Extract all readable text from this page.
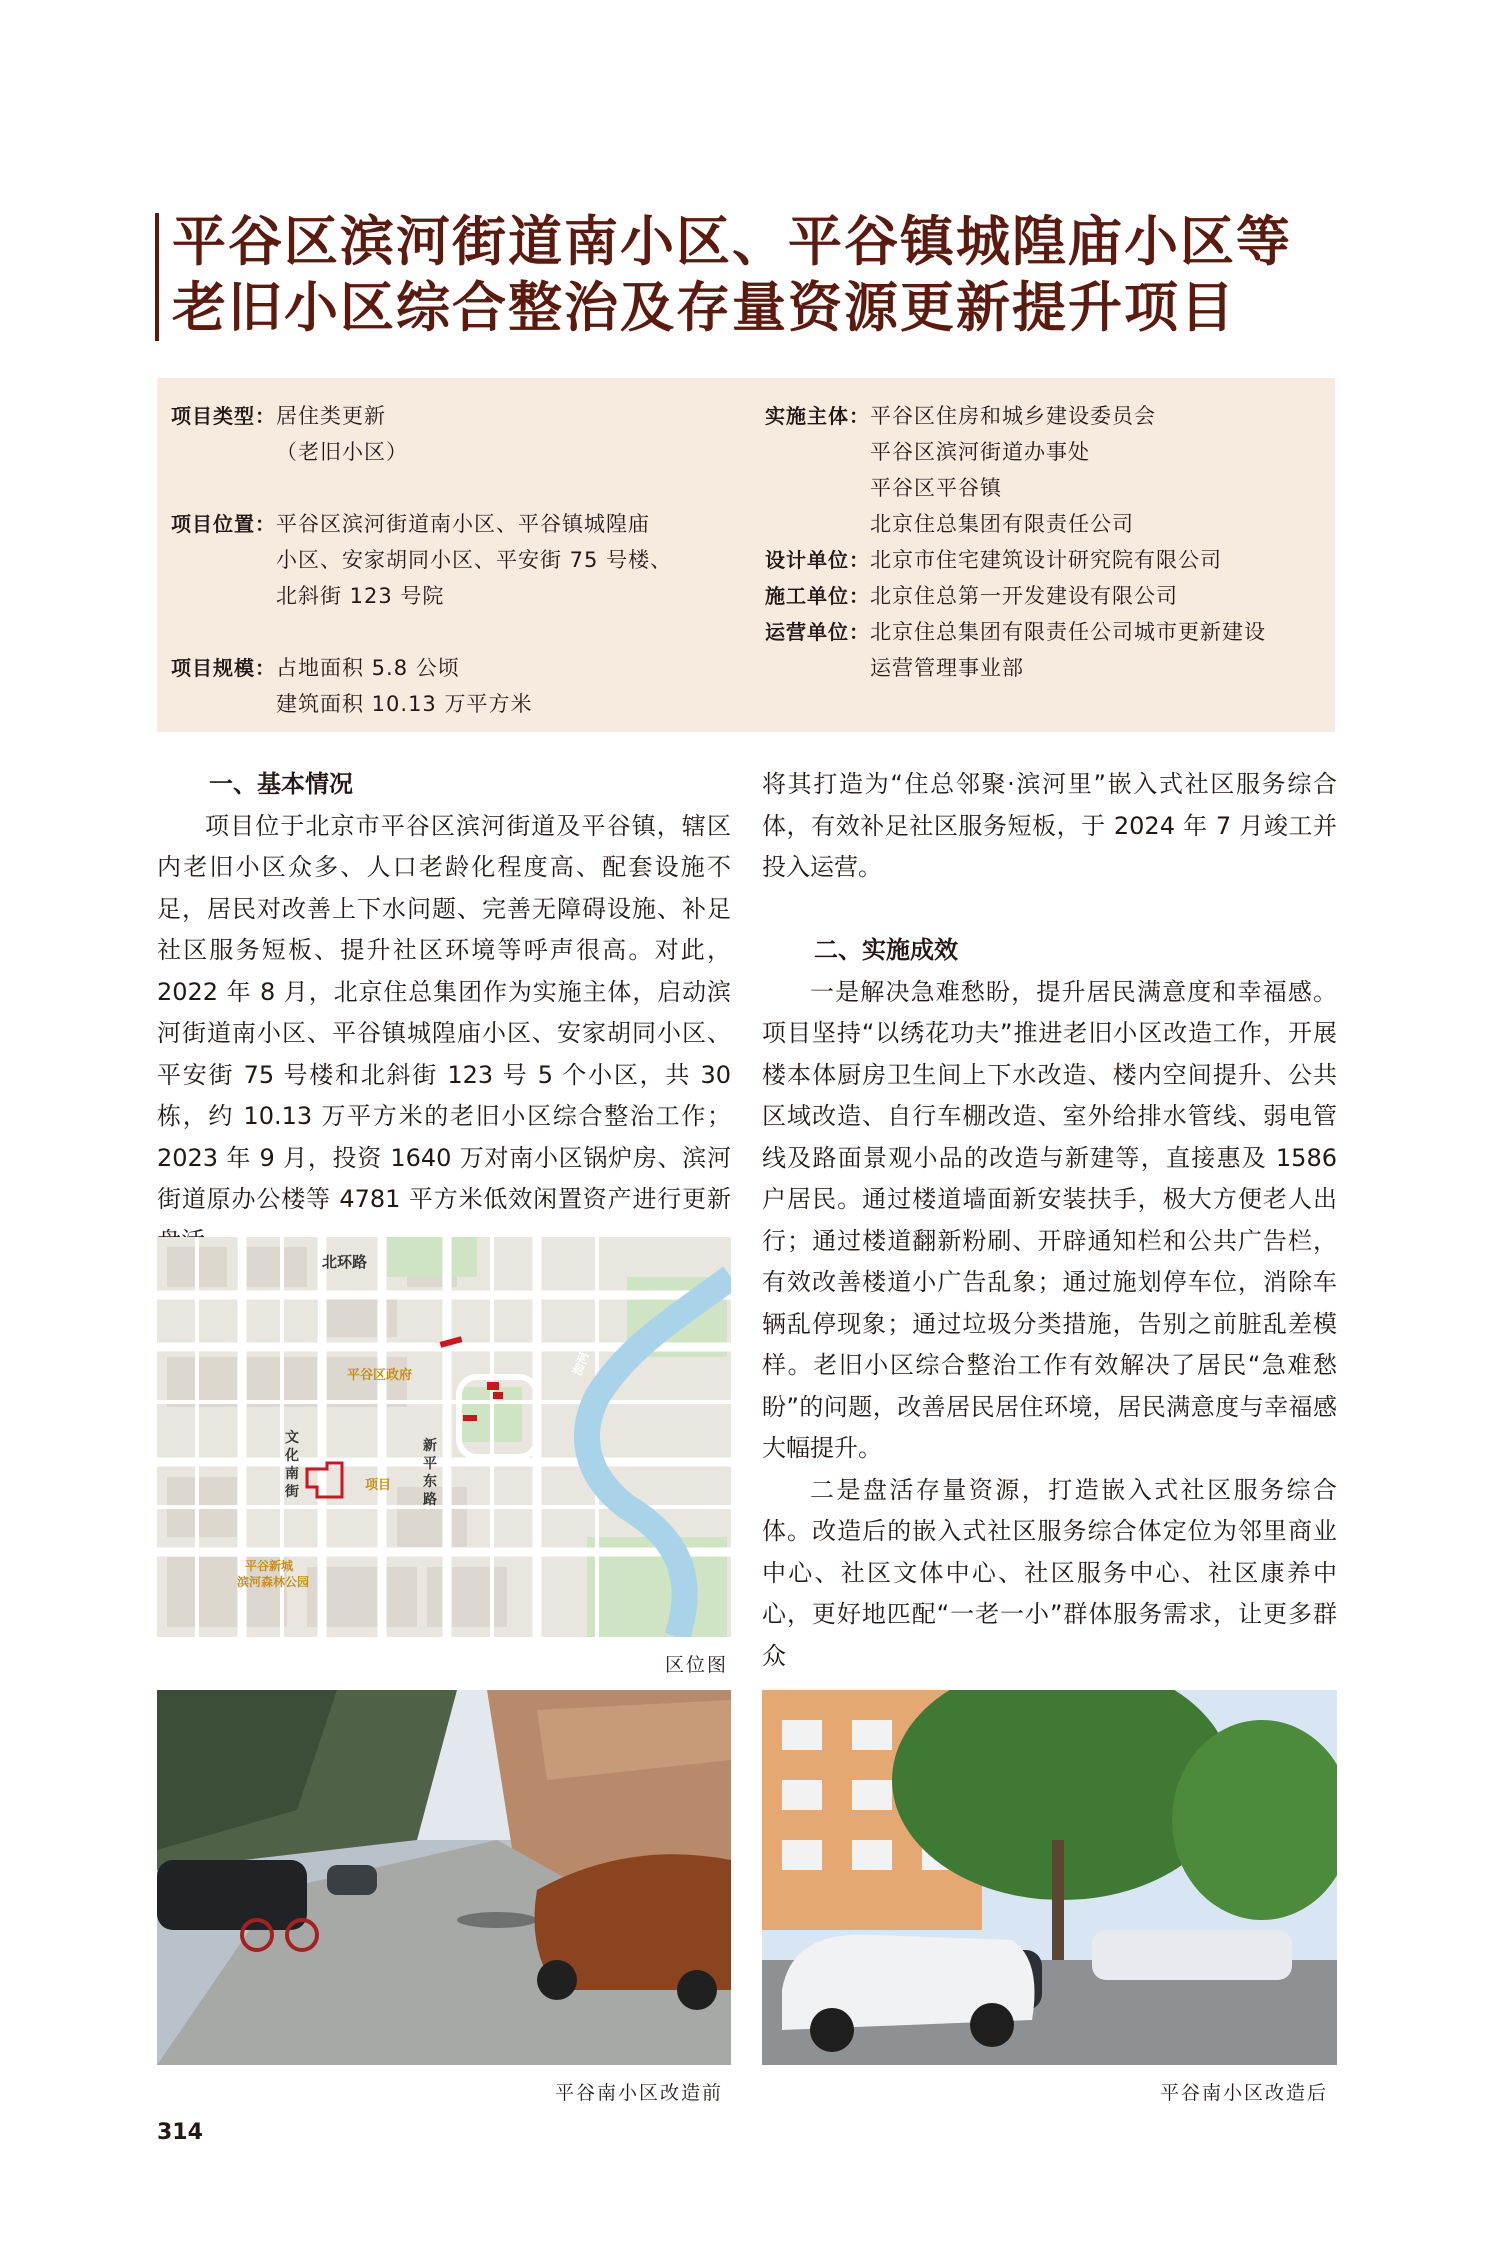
平谷区滨河街道南小区、平谷镇城隍庙小区等
老旧小区综合整治及存量资源更新提升项目
项目类型： 居住类更新
（老旧小区）
项目位置： 平谷区滨河街道南小区、平谷镇城隍庙
小区、安家胡同小区、平安街 75 号楼、
北斜街 123 号院
项目规模： 占地面积 5.8 公顷
建筑面积 10.13 万平方米
实施主体： 平谷区住房和城乡建设委员会
平谷区滨河街道办事处
平谷区平谷镇
北京住总集团有限责任公司
设计单位： 北京市住宅建筑设计研究院有限公司
施工单位： 北京住总第一开发建设有限公司
运营单位： 北京住总集团有限责任公司城市更新建设
运营管理事业部
一、基本情况

项目位于北京市平谷区滨河街道及平谷镇，辖区内老旧小区众多、人口老龄化程度高、配套设施不足，居民对改善上下水问题、完善无障碍设施、补足社区服务短板、提升社区环境等呼声很高。对此，2022 年 8 月，北京住总集团作为实施主体，启动滨河街道南小区、平谷镇城隍庙小区、安家胡同小区、平安街 75 号楼和北斜街 123 号 5 个小区，共 30 栋，约 10.13 万平方米的老旧小区综合整治工作；2023 年 9 月，投资 1640 万对南小区锅炉房、滨河街道原办公楼等 4781 平方米低效闲置资产进行更新

将其打造为“住总邻聚·滨河里”嵌入式社区服务综合体，有效补足社区服务短板，于 2024 年 7 月竣工并投入运营。

二、实施成效

一是解决急难愁盼，提升居民满意度和幸福感。项目坚持“以绣花功夫”推进老旧小区改造工作，开展楼本体厨房卫生间上下水改造、楼内空间提升、公共区域改造、自行车棚改造、室外给排水管线、弱电管线及路面景观小品的改造与新建等，直接惠及 1586 户居民。通过楼道墙面新安装扶手，极大方便老人出行；通过楼道翻新粉刷、开辟通知栏和公共广告栏，有效改善楼道小广告乱象；通过施划停车位，消除车辆乱停现象；通过垃圾分类措施，告别之前脏乱差模样。老旧小区综合整治工作有效解决了居民“急难愁盼”的问题，改善居民居住环境，居民满意度与幸福感大幅提升。

二是盘活存量资源，打造嵌入式社区服务综合体。改造后的嵌入式社区服务综合体定位为邻里商业中心、社区文体中心、社区服务中心、社区康养中心，更好地匹配“一老一小”群体服务需求，让更多群众

北环路
平谷区政府	洳河
文
化
南
街
新
平
东
路
项目
平谷新城
滨河森林公园
区位图
平谷南小区改造前	平谷南小区改造后
314
